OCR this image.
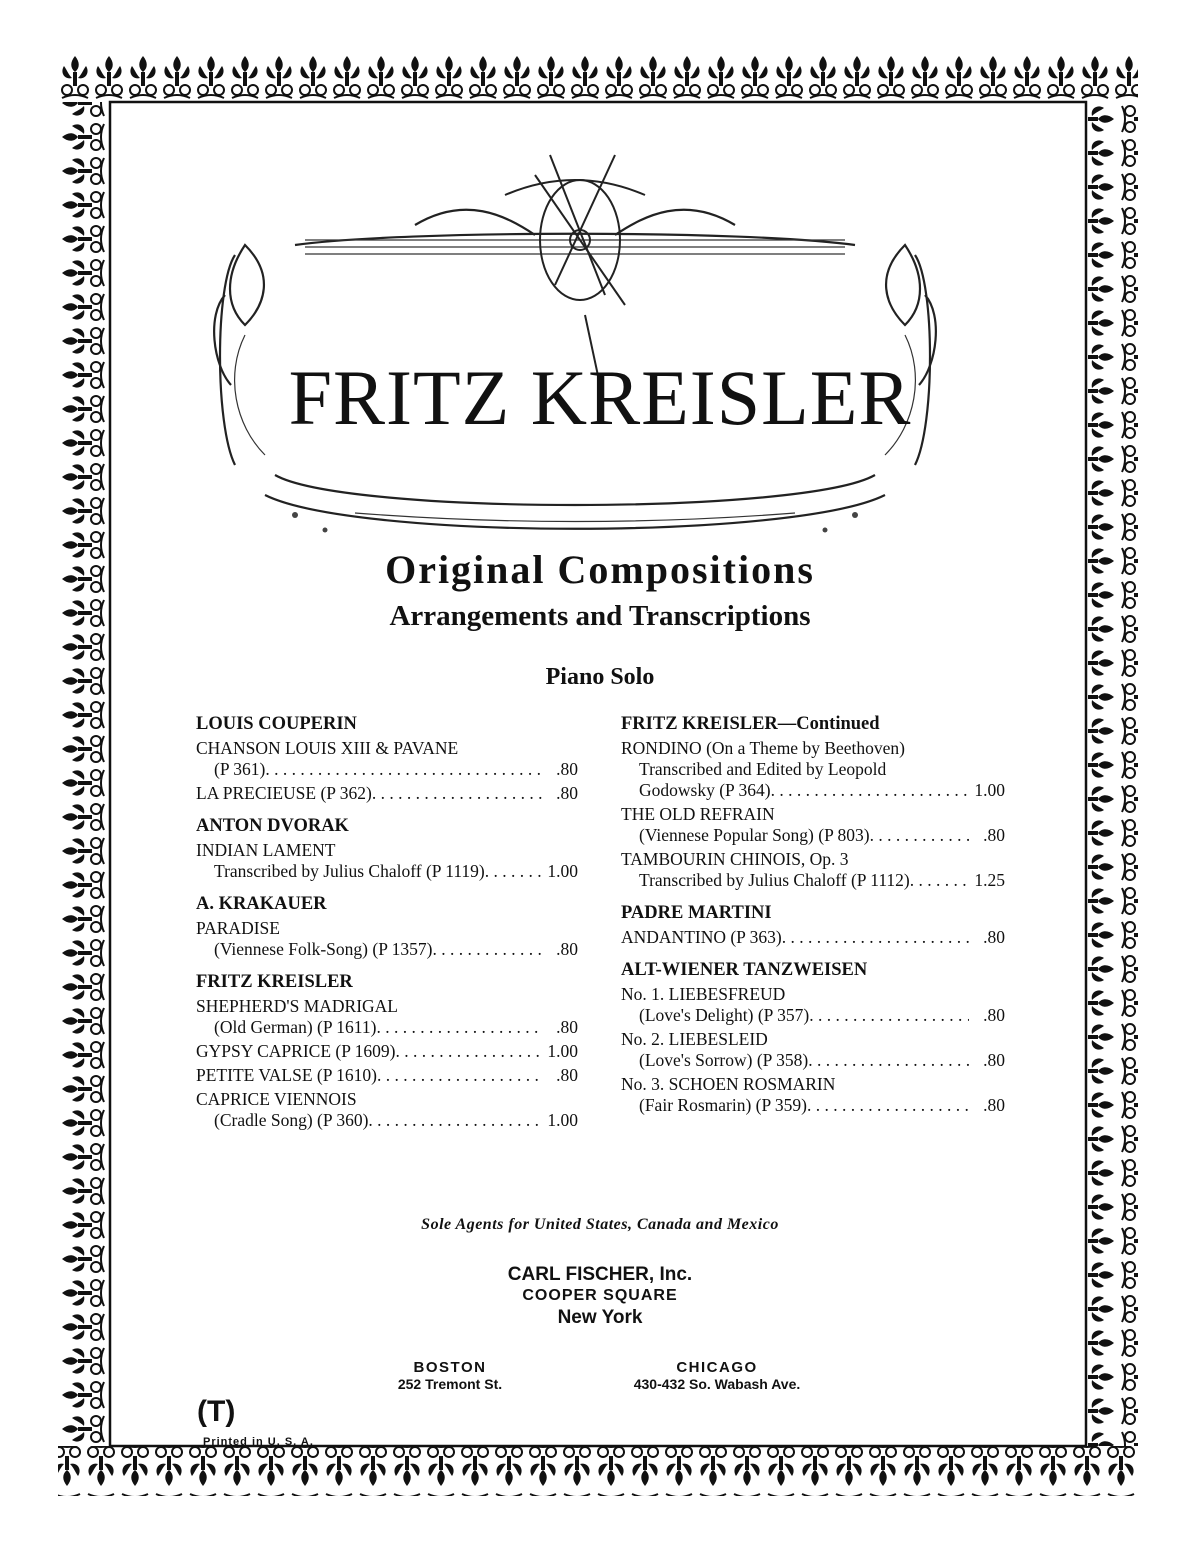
FRITZ KREISLER
Original Compositions
Arrangements and Transcriptions
Piano Solo
LOUIS COUPERIN
CHANSON LOUIS XIII & PAVANE
(P 361) . . .	.80
LA PRECIEUSE (P 362) . . .	.80
ANTON DVORAK
INDIAN LAMENT
Transcribed by Julius Chaloff (P 1119) . . .	1.00
A. KRAKAUER
PARADISE
(Viennese Folk-Song) (P 1357) . . .	.80
FRITZ KREISLER
SHEPHERD'S MADRIGAL
(Old German) (P 1611) . . .	.80
GYPSY CAPRICE (P 1609) . . .	1.00
PETITE VALSE (P 1610) . . .	.80
CAPRICE VIENNOIS
(Cradle Song) (P 360) . . .	1.00
FRITZ KREISLER—Continued
RONDINO (On a Theme by Beethoven)
Transcribed and Edited by Leopold
Godowsky (P 364) . . .	1.00
THE OLD REFRAIN
(Viennese Popular Song) (P 803) . . .	.80
TAMBOURIN CHINOIS, Op. 3
Transcribed by Julius Chaloff (P 1112) . . .	1.25
PADRE MARTINI
ANDANTINO (P 363) . . .	.80
ALT-WIENER TANZWEISEN
No. 1. LIEBESFREUD
(Love's Delight) (P 357) . . .	.80
No. 2. LIEBESLEID
(Love's Sorrow) (P 358) . . .	.80
No. 3. SCHOEN ROSMARIN
(Fair Rosmarin) (P 359) . . .	.80
Sole Agents for United States, Canada and Mexico
CARL FISCHER, Inc.
COOPER SQUARE
New York
BOSTON
252 Tremont St.
CHICAGO
430-432 So. Wabash Ave.
(T)
Printed in U. S. A.
